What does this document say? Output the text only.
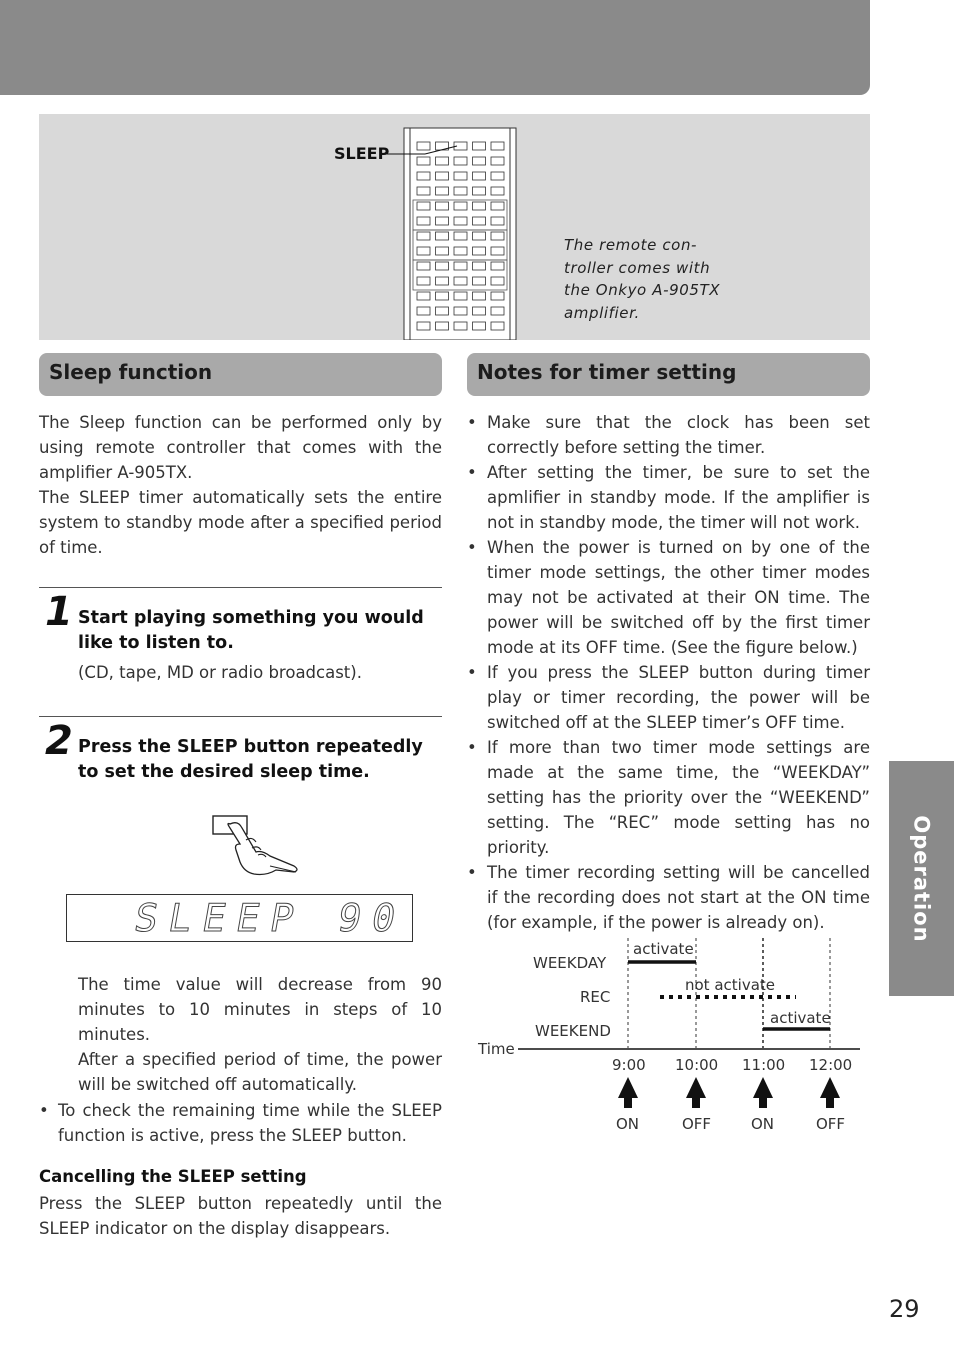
SLEEP
The remote con-troller comes with the Onkyo A-905TX amplifier.
Sleep function	Notes for timer setting

The Sleep function can be performed only by using remote controller that comes with the amplifier A-905TX.

The SLEEP timer automatically sets the entire system to standby mode after a specified period of time.

1 Start playing something you would like to listen to.
(CD, tape, MD or radio broadcast).
2 Press the SLEEP button repeatedly to set the desired sleep time.
SLEEP 90

The time value will decrease from 90 minutes to 10 minutes in steps of 10 minutes.

After a specified period of time, the power will be switched off automatically.

• To check the remaining time while the SLEEP function is active, press the SLEEP button.
Cancelling the SLEEP setting
Press the SLEEP button repeatedly until the SLEEP indicator on the display disappears.
• Make sure that the clock has been set correctly before setting the timer.
• After setting the timer, be sure to set the apmlifier in standby mode. If the amplifier is not in standby mode, the timer will not work.
• When the power is turned on by one of the timer mode settings, the other timer modes may not be activated at their ON time. The power will be switched off by the first timer mode at its OFF time. (See the figure below.)
• If you press the SLEEP button during timer play or timer recording, the power will be switched off at the SLEEP timer’s OFF time.
• If more than two timer mode settings are made at the same time, the “WEEKDAY” setting has the priority over the “WEEKEND” setting. The “REC” mode setting has no priority.
• The timer recording setting will be cancelled if the recording does not start at the ON time (for example, if the power is already on).
WEEKDAY
REC
WEEKEND
Time
activate
not activate
activate
9:00 10:00 11:00 12:00
ON	OFF	ON	OFF
Operation
29
